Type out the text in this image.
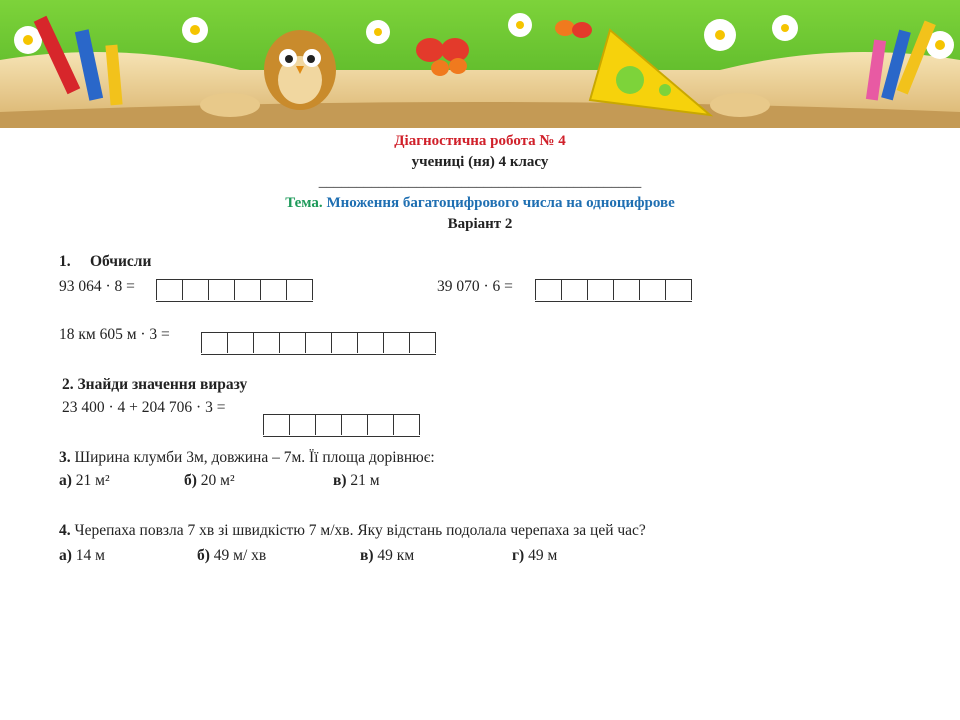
Діагностична робота № 4
учениці (ня) 4 класу
___________________________________________
Тема. Множення багатоцифрового числа на одноцифрове
Варіант 2
1.     Обчисли
93 064 · 8 =	39 070 · 6 =
18 км 605 м · 3 =
2. Знайди значення виразу
23 400 · 4 + 204 706 · 3 =
3. Ширина клумби 3м, довжина – 7м. Її площа дорівнює:
а) 21 м²	б) 20 м²	в) 21 м
4. Черепаха повзла 7 хв зі швидкістю 7 м/хв. Яку відстань подолала черепаха за цей час?
а) 14 м	б) 49 м/ хв	в) 49 км	г) 49 м
